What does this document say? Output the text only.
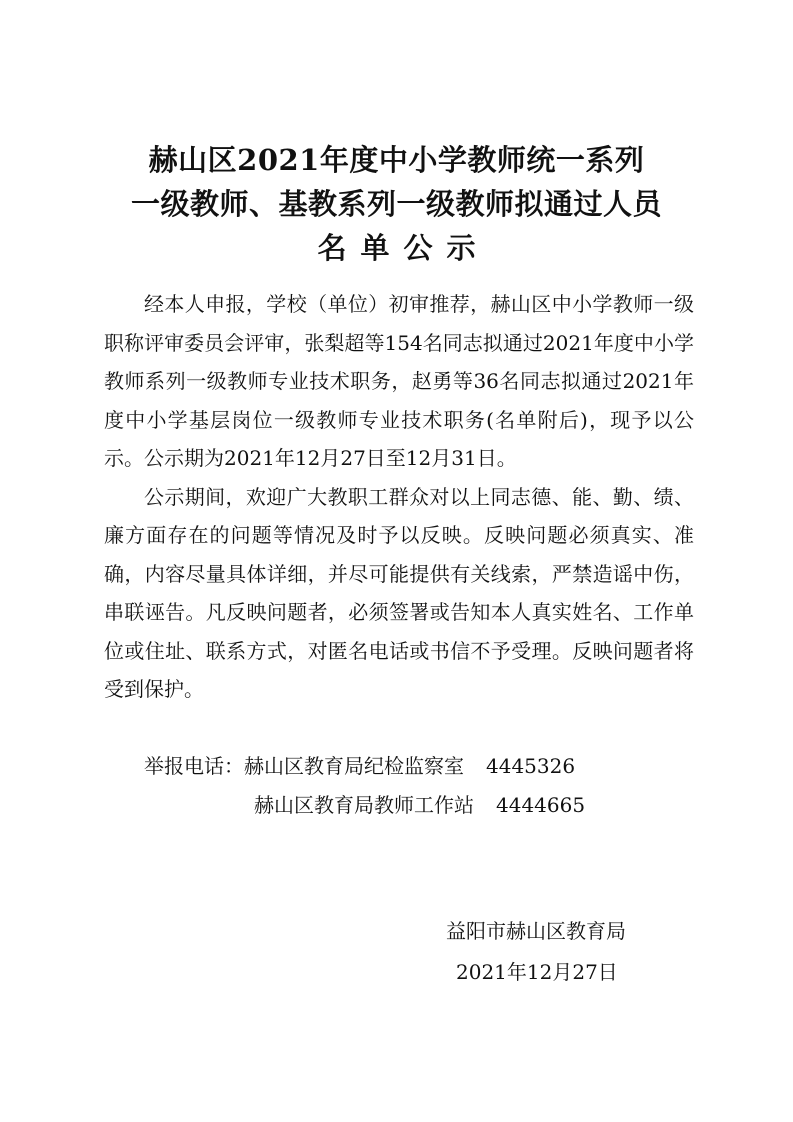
赫山区2021年度中小学教师统一系列
一级教师、基教系列一级教师拟通过人员
名单公示

经本人申报，学校（单位）初审推荐，赫山区中小学教师一级职称评审委员会评审，张梨超等154名同志拟通过2021年度中小学教师系列一级教师专业技术职务，赵勇等36名同志拟通过2021年度中小学基层岗位一级教师专业技术职务(名单附后)，现予以公示。公示期为2021年12月27日至12月31日。

公示期间，欢迎广大教职工群众对以上同志德、能、勤、绩、廉方面存在的问题等情况及时予以反映。反映问题必须真实、准确，内容尽量具体详细，并尽可能提供有关线索，严禁造谣中伤，串联诬告。凡反映问题者，必须签署或告知本人真实姓名、工作单位或住址、联系方式，对匿名电话或书信不予受理。反映问题者将受到保护。

举报电话：赫山区教育局纪检监察室 4445326
赫山区教育局教师工作站 4444665
益阳市赫山区教育局
2021年12月27日
